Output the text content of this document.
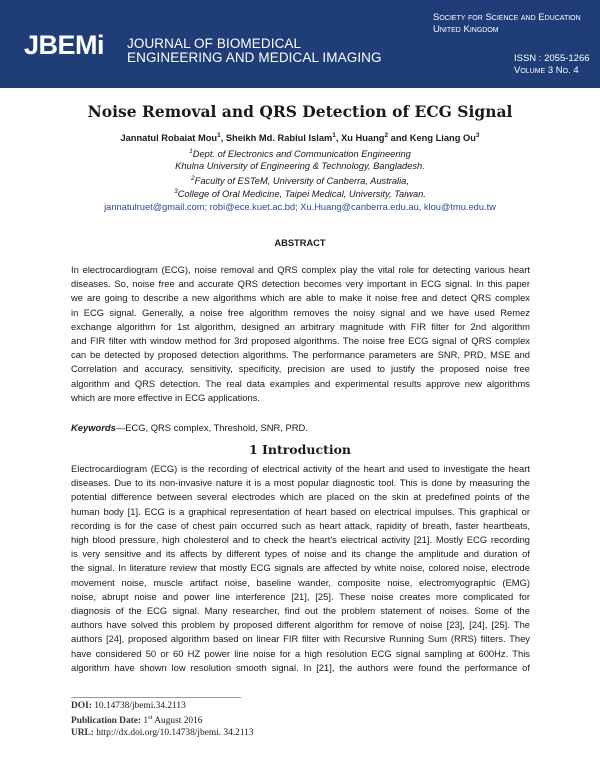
JBEMi JOURNAL OF BIOMEDICAL
ENGINEERING AND MEDICAL IMAGING
Society for Science and Education
United Kingdom
ISSN : 2055-1266
Volume 3 No. 4
Noise Removal and QRS Detection of ECG Signal
Jannatul Robaiat Mou$^1$, Sheikh Md. Rabiul Islam$^1$, Xu Huang$^2$ and Keng Liang Ou$^3$
$^1$Dept. of Electronics and Communication Engineering
Khulna University of Engineering & Technology, Bangladesh.
$^2$Faculty of ESTeM, University of Canberra, Australia,
$^3$College of Oral Medicine, Taipei Medical, University, Taiwan.
jannatulruet@gmail.com; robi@ece.kuet.ac.bd; Xu.Huang@canberra.edu.au, klou@tmu.edu.tw
ABSTRACT
In electrocardiogram (ECG), noise removal and QRS complex play the vital role for detecting various heart
diseases. So, noise free and accurate QRS detection becomes very important in ECG signal. In this paper
we are going to describe a new algorithms which are able to make it noise free and detect QRS complex
in ECG signal. Generally, a noise free algorithm removes the noisy signal and we have used Remez
exchange algorithm for 1st algorithm, designed an arbitrary magnitude with FIR filter for 2nd algorithm
and FIR filter with window method for 3rd proposed algorithms. The noise free ECG signal of QRS complex
can be detected by proposed detection algorithms. The performance parameters are SNR, PRD, MSE and
Correlation and accuracy, sensitivity, specificity, precision are used to justify the proposed noise free
algorithm and QRS detection. The real data examples and experimental results approve new algorithms
which are more effective in ECG applications.
Keywords—ECG, QRS complex, Threshold, SNR, PRD.
1 Introduction
Electrocardiogram (ECG) is the recording of electrical activity of the heart and used to investigate the heart
diseases. Due to its non-invasive nature it is a most popular diagnostic tool. This is done by measuring the
potential difference between several electrodes which are placed on the skin at predefined points of the
human body [1]. ECG is a graphical representation of heart based on electrical impulses. This graphical or
recording is for the case of chest pain occurred such as heart attack, rapidity of breath, faster heartbeats,
high blood pressure, high cholesterol and to check the heart's electrical activity [21]. Mostly ECG recording
is very sensitive and its affects by different types of noise and its change the amplitude and duration of
the signal. In literature review that mostly ECG signals are affected by white noise, colored noise, electrode
movement noise, muscle artifact noise, baseline wander, composite noise, electromyographic (EMG)
noise, abrupt noise and power line interference [21], [25]. These noise creates more complicated for
diagnosis of the ECG signal. Many researcher, find out the problem statement of noises. Some of the
authors have solved this problem by proposed different algorithm for remove of noise [23], [24], [25]. The
authors [24], proposed algorithm based on linear FIR filter with Recursive Running Sum (RRS) filters. They
have considered 50 or 60 HZ power line noise for a high resolution ECG signal sampling at 600Hz. This
algorithm have shown low resolution smooth signal. In [21], the authors were found the performance of
DOI: 10.14738/jbemi.34.2113
Publication Date: 1st August 2016
URL: http://dx.doi.org/10.14738/jbemi. 34.2113
